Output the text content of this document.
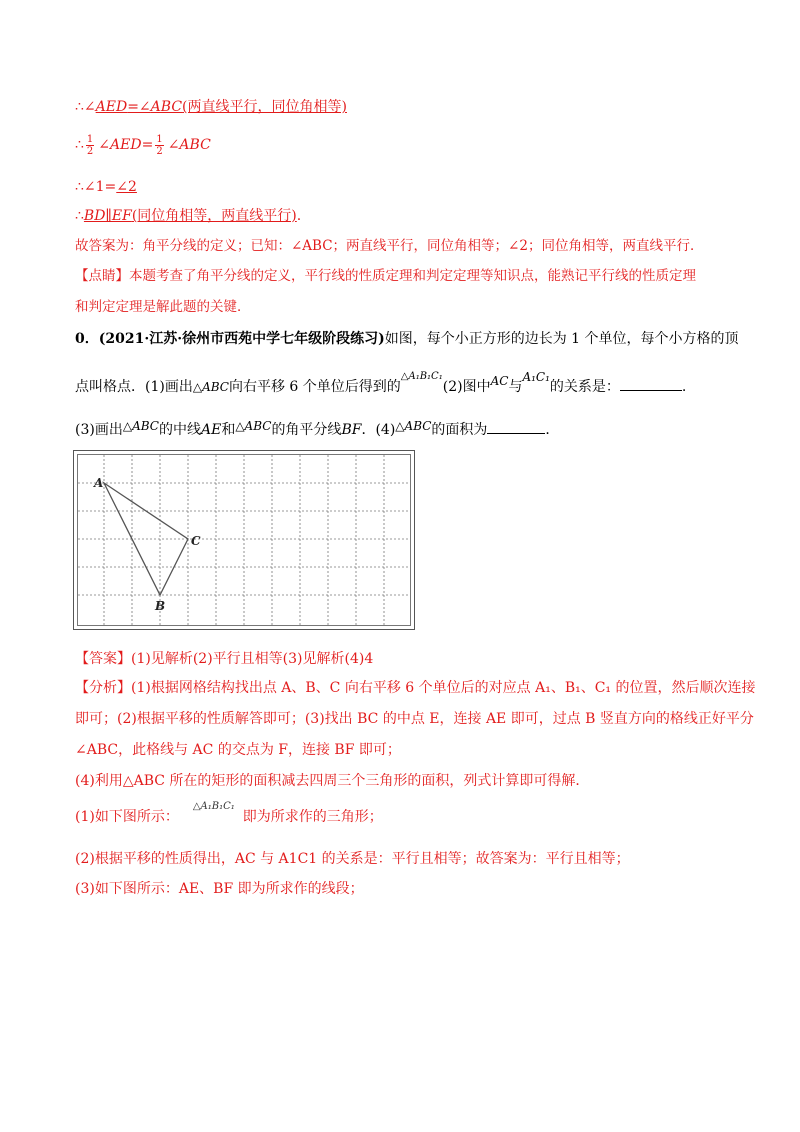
∴∠AED=∠ABC(两直线平行，同位角相等)
∴ $\frac{1}{2}$ ∠AED= $\frac{1}{2}$ ∠ABC
∴∠1=∠2
∴BD∥EF(同位角相等，两直线平行).
故答案为：角平分线的定义；已知：∠ABC；两直线平行，同位角相等；∠2；同位角相等，两直线平行．
【点睛】本题考查了角平分线的定义，平行线的性质定理和判定定理等知识点，能熟记平行线的性质定理
和判定定理是解此题的关键．
0．(2021·江苏·徐州市西苑中学七年级阶段练习)如图，每个小正方形的边长为 1 个单位，每个小方格的顶
点叫格点．(1)画出△ABC向右平移 6 个单位后得到的△A₁B₁C₁(2)图中AC与A₁C₁的关系是：	.
(3)画出△ABC的中线AE和△ABC的角平分线BF．(4)△ABC的面积为	．
A
B
C
【答案】(1)见解析(2)平行且相等(3)见解析(4)4
【分析】(1)根据网格结构找出点 A、B、C 向右平移 6 个单位后的对应点 A₁、B₁、C₁ 的位置，然后顺次连接
即可；(2)根据平移的性质解答即可；(3)找出 BC 的中点 E，连接 AE 即可，过点 B 竖直方向的格线正好平分
∠ABC，此格线与 AC 的交点为 F，连接 BF 即可；
(4)利用△ABC 所在的矩形的面积减去四周三个三角形的面积，列式计算即可得解．
(1)如下图所示：△A₁B₁C₁即为所求作的三角形；
(2)根据平移的性质得出，AC 与 A1C1 的关系是：平行且相等；故答案为：平行且相等；
(3)如下图所示：AE、BF 即为所求作的线段；
